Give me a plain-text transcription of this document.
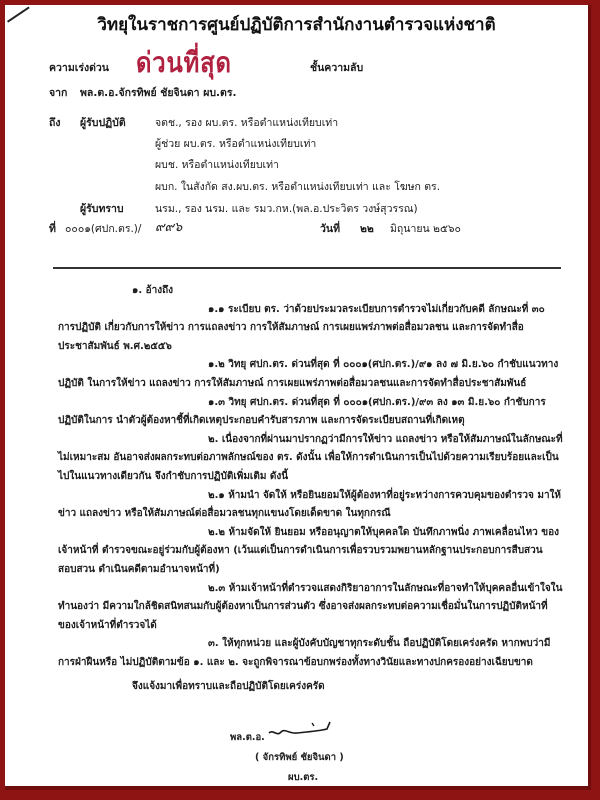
วิทยุในราชการศูนย์ปฏิบัติการสำนักงานตำรวจแห่งชาติ
ความเร่งด่วน ด่วนที่สุด	ชั้นความลับ
จาก พล.ต.อ.จักรทิพย์ ชัยจินดา ผบ.ตร.
ถึง ผู้รับปฏิบัติ	จตช., รอง ผบ.ตร. หรือตำแหน่งเทียบเท่า
ผู้ช่วย ผบ.ตร. หรือตำแหน่งเทียบเท่า
ผบช. หรือตำแหน่งเทียบเท่า
ผบก. ในสังกัด สง.ผบ.ตร. หรือตำแหน่งเทียบเท่า และ โฆษก ตร.
ผู้รับทราบ	นรม., รอง นรม. และ รมว.กห.(พล.อ.ประวิตร วงษ์สุวรรณ)
ที่ ๐๐๐๑(ศปก.ตร.)/ ๙๙๖	วันที่ ๒๒ มิถุนายน ๒๕๖๐

๑. อ้างถึง

๑.๑ ระเบียบ ตร. ว่าด้วยประมวลระเบียบการตำรวจไม่เกี่ยวกับคดี ลักษณะที่ ๓๐ การปฏิบัติ เกี่ยวกับการให้ข่าว การแถลงข่าว การให้สัมภาษณ์ การเผยแพร่ภาพต่อสื่อมวลชน และการจัดทำสื่อประชาสัมพันธ์ พ.ศ.๒๕๕๖

๑.๒ วิทยุ ศปก.ตร. ด่วนที่สุด ที่ ๐๐๐๑(ศปก.ตร.)/๙๑ ลง ๗ มิ.ย.๖๐ กำชับแนวทางปฏิบัติ ในการให้ข่าว แถลงข่าว การให้สัมภาษณ์ การเผยแพร่ภาพต่อสื่อมวลชนและการจัดทำสื่อประชาสัมพันธ์

๑.๓ วิทยุ ศปก.ตร. ด่วนที่สุด ที่ ๐๐๐๑(ศปก.ตร.)/๙๓ ลง ๑๓ มิ.ย.๖๐ กำชับการปฏิบัติในการ นำตัวผู้ต้องหาชี้ที่เกิดเหตุประกอบคำรับสารภาพ และการจัดระเบียบสถานที่เกิดเหตุ

๒. เนื่องจากที่ผ่านมาปรากฏว่ามีการให้ข่าว แถลงข่าว หรือให้สัมภาษณ์ในลักษณะที่ไม่เหมาะสม อันอาจส่งผลกระทบต่อภาพลักษณ์ของ ตร. ดังนั้น เพื่อให้การดำเนินการเป็นไปด้วยความเรียบร้อยและเป็นไปในแนวทางเดียวกัน จึงกำชับการปฏิบัติเพิ่มเติม ดังนี้

๒.๑ ห้ามนำ จัดให้ หรือยินยอมให้ผู้ต้องหาที่อยู่ระหว่างการควบคุมของตำรวจ มาให้ข่าว แถลงข่าว หรือให้สัมภาษณ์ต่อสื่อมวลชนทุกแขนงโดยเด็ดขาด ในทุกกรณี

๒.๒ ห้ามจัดให้ ยินยอม หรืออนุญาตให้บุคคลใด บันทึกภาพนิ่ง ภาพเคลื่อนไหว ของเจ้าหน้าที่ ตำรวจขณะอยู่ร่วมกับผู้ต้องหา (เว้นแต่เป็นการดำเนินการเพื่อรวบรวมพยานหลักฐานประกอบการสืบสวนสอบสวน ดำเนินคดีตามอำนาจหน้าที่)

๒.๓ ห้ามเจ้าหน้าที่ตำรวจแสดงกิริยาอาการในลักษณะที่อาจทำให้บุคคลอื่นเข้าใจในทำนองว่า มีความใกล้ชิดสนิทสนมกับผู้ต้องหาเป็นการส่วนตัว ซึ่งอาจส่งผลกระทบต่อความเชื่อมั่นในการปฏิบัติหน้าที่ของเจ้าหน้าที่ตำรวจได้

๓. ให้ทุกหน่วย และผู้บังคับบัญชาทุกระดับชั้น ถือปฏิบัติโดยเคร่งครัด หากพบว่ามีการฝ่าฝืนหรือ ไม่ปฏิบัติตามข้อ ๑. และ ๒. จะถูกพิจารณาข้อบกพร่องทั้งทางวินัยและทางปกครองอย่างเฉียบขาด

จึงแจ้งมาเพื่อทราบและถือปฏิบัติโดยเคร่งครัด

พล.ต.อ.
( จักรทิพย์ ชัยจินดา )
ผบ.ตร.
